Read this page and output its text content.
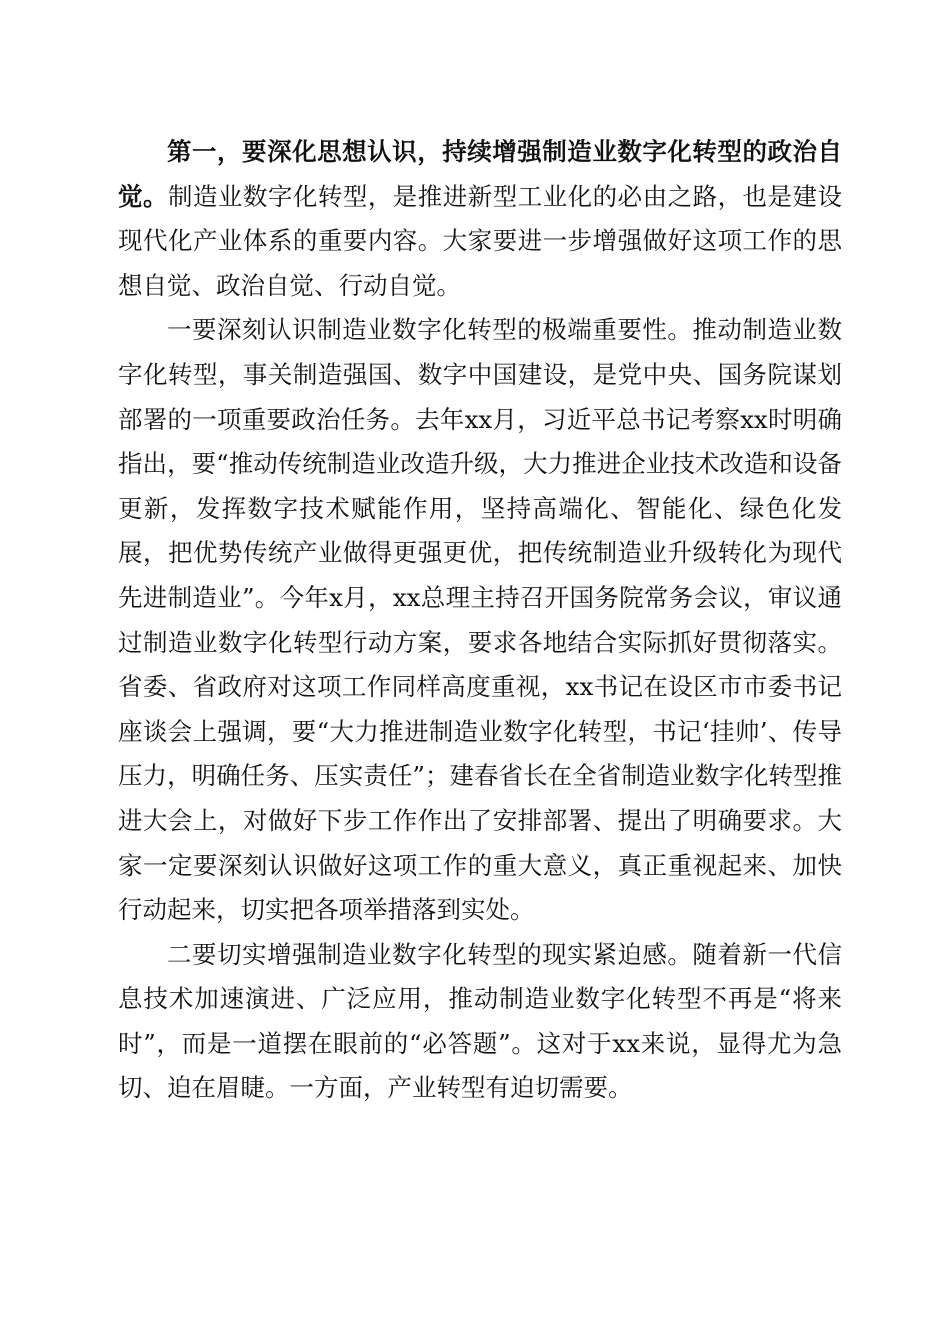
第一，要深化思想认识，持续增强制造业数字化转型的政治自觉。制造业数字化转型，是推进新型工业化的必由之路，也是建设现代化产业体系的重要内容。大家要进一步增强做好这项工作的思想自觉、政治自觉、行动自觉。

一要深刻认识制造业数字化转型的极端重要性。推动制造业数字化转型，事关制造强国、数字中国建设，是党中央、国务院谋划部署的一项重要政治任务。去年xx月，习近平总书记考察xx时明确指出，要“推动传统制造业改造升级，大力推进企业技术改造和设备更新，发挥数字技术赋能作用，坚持高端化、智能化、绿色化发展，把优势传统产业做得更强更优，把传统制造业升级转化为现代先进制造业”。今年x月，xx总理主持召开国务院常务会议，审议通过制造业数字化转型行动方案，要求各地结合实际抓好贯彻落实。省委、省政府对这项工作同样高度重视，xx书记在设区市市委书记座谈会上强调，要“大力推进制造业数字化转型，书记‘挂帅’、传导压力，明确任务、压实责任”；建春省长在全省制造业数字化转型推进大会上，对做好下步工作作出了安排部署、提出了明确要求。大家一定要深刻认识做好这项工作的重大意义，真正重视起来、加快行动起来，切实把各项举措落到实处。

二要切实增强制造业数字化转型的现实紧迫感。随着新一代信息技术加速演进、广泛应用，推动制造业数字化转型不再是“将来时”，而是一道摆在眼前的“必答题”。这对于xx来说，显得尤为急切、迫在眉睫。一方面，产业转型有迫切需要。
